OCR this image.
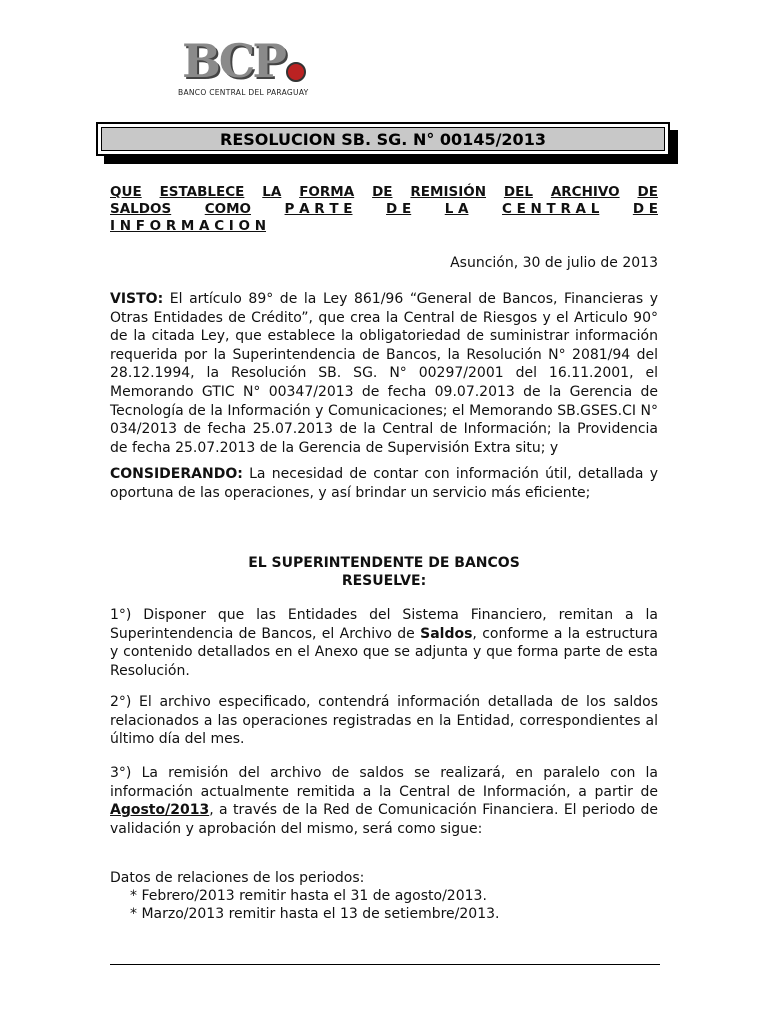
BCP
BANCO CENTRAL DEL PARAGUAY
RESOLUCION SB. SG. N° 00145/2013
QUE ESTABLECE LA FORMA DE REMISIÓN DEL ARCHIVO DE
SALDOS COMO P A R T E D E L A C E N T R A L D E
I N F O R M A C I O N
Asunción, 30 de julio de 2013
VISTO: El artículo 89° de la Ley 861/96 “General de Bancos, Financieras y Otras Entidades de Crédito”, que crea la Central de Riesgos y el Articulo 90° de la citada Ley, que establece la obligatoriedad de suministrar información requerida por la Superintendencia de Bancos, la Resolución N° 2081/94 del 28.12.1994, la Resolución SB. SG. N° 00297/2001 del 16.11.2001, el Memorando GTIC N° 00347/2013 de fecha 09.07.2013 de la Gerencia de Tecnología de la Información y Comunicaciones; el Memorando SB.GSES.CI N° 034/2013 de fecha 25.07.2013 de la Central de Información; la Providencia de fecha 25.07.2013 de la Gerencia de Supervisión Extra situ; y
CONSIDERANDO: La necesidad de contar con información útil, detallada y oportuna de las operaciones, y así brindar un servicio más eficiente;
EL SUPERINTENDENTE DE BANCOS
RESUELVE:
1°) Disponer que las Entidades del Sistema Financiero, remitan a la Superintendencia de Bancos, el Archivo de Saldos, conforme a la estructura y contenido detallados en el Anexo que se adjunta y que forma parte de esta Resolución.
2°) El archivo especificado, contendrá información detallada de los saldos relacionados a las operaciones registradas en la Entidad, correspondientes al último día del mes.
3°) La remisión del archivo de saldos se realizará, en paralelo con la información actualmente remitida a la Central de Información, a partir de Agosto/2013, a través de la Red de Comunicación Financiera. El periodo de validación y aprobación del mismo, será como sigue:
Datos de relaciones de los periodos:
* Febrero/2013 remitir hasta el 31 de agosto/2013.
* Marzo/2013 remitir hasta el 13 de setiembre/2013.
